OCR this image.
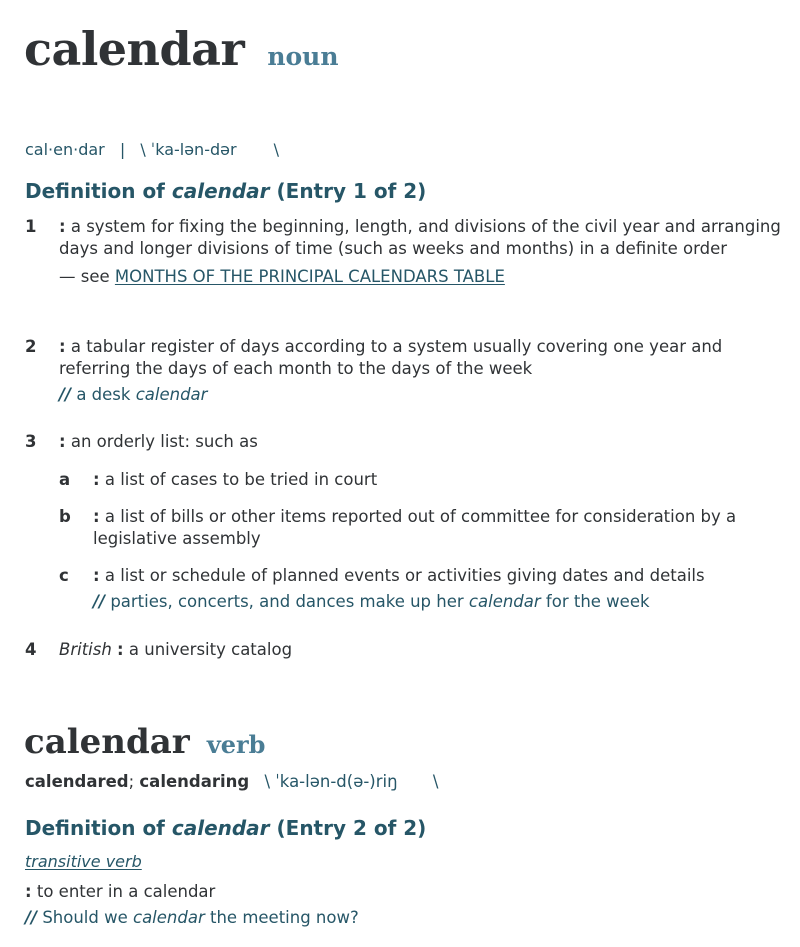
calendar noun
cal·en·dar | \ ˈka-lən-dər \
Definition of calendar (Entry 1 of 2)
1	: a system for fixing the beginning, length, and divisions of the civil year and arranging days and longer divisions of time (such as weeks and months) in a definite order
— see MONTHS OF THE PRINCIPAL CALENDARS TABLE
2	: a tabular register of days according to a system usually covering one year and referring the days of each month to the days of the week
// a desk calendar
3	: an orderly list: such as
a : a list of cases to be tried in court
b : a list of bills or other items reported out of committee for consideration by a legislative assembly
c : a list or schedule of planned events or activities giving dates and details
// parties, concerts, and dances make up her calendar for the week
4	British : a university catalog
calendar verb
calendared; calendaring \ ˈka-lən-d(ə-)riŋ \
Definition of calendar (Entry 2 of 2)
transitive verb
: to enter in a calendar
// Should we calendar the meeting now?
